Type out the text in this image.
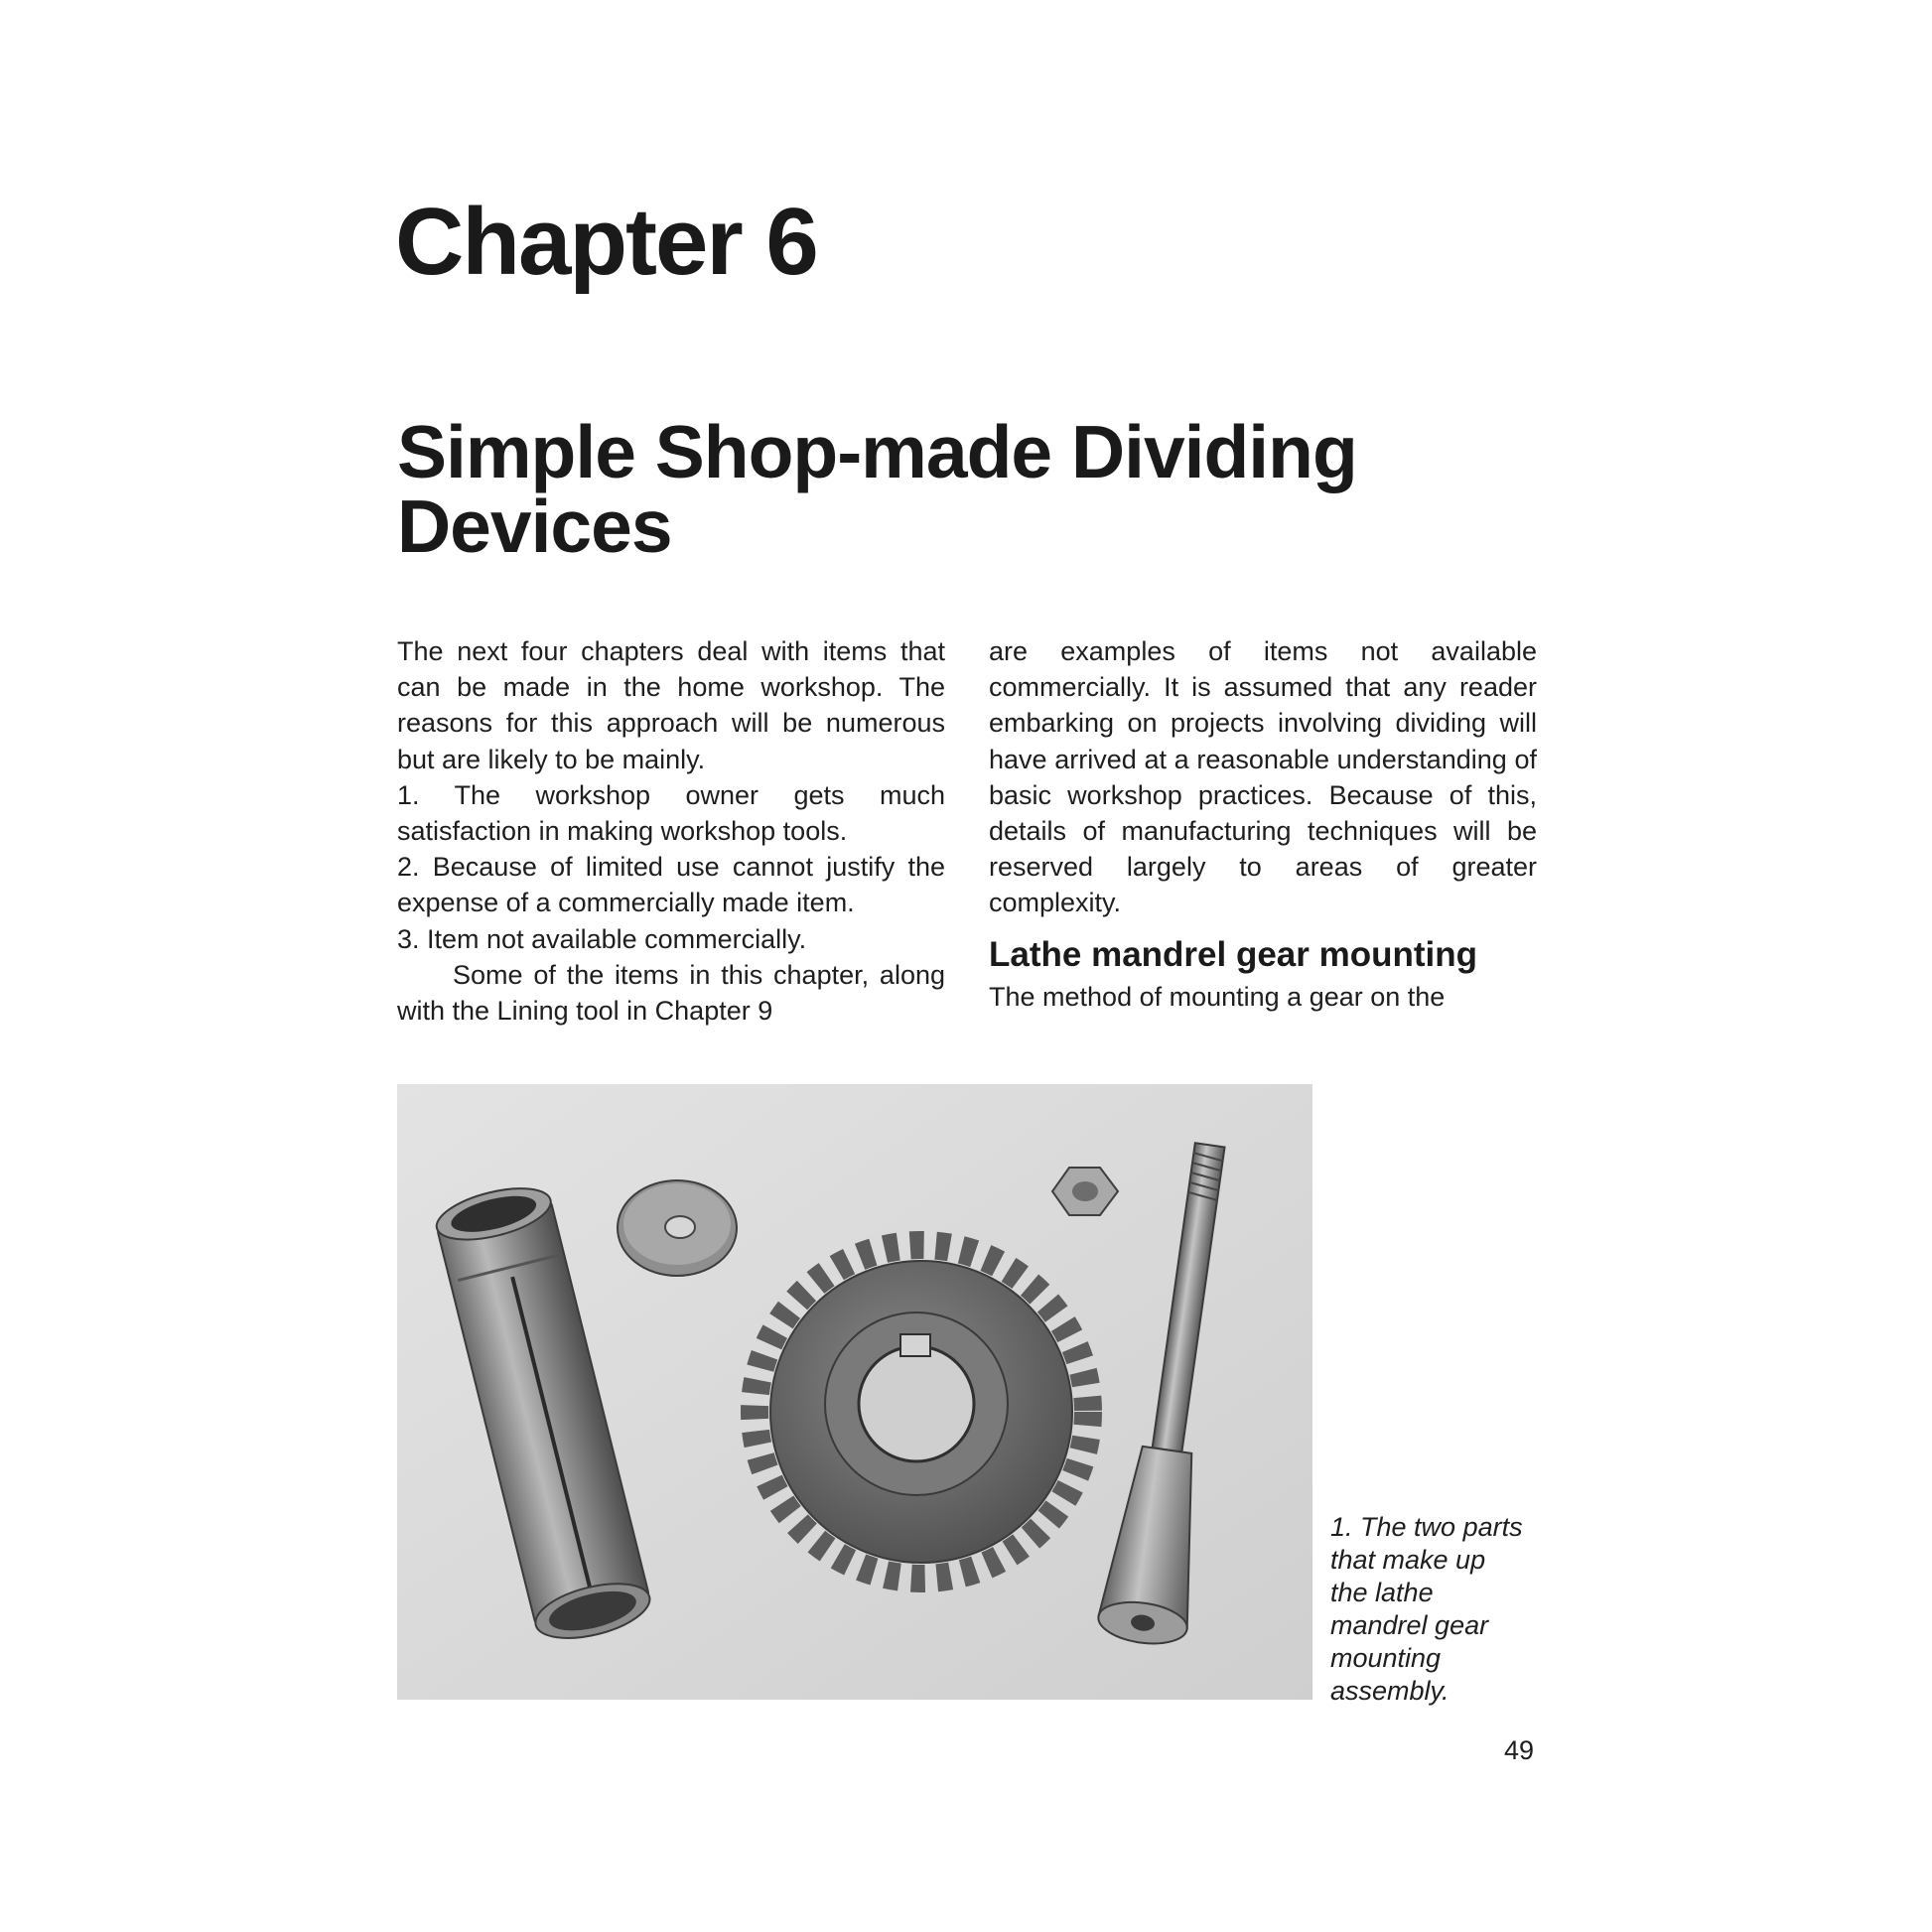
Chapter 6
Simple Shop-made Dividing Devices

The next four chapters deal with items that can be made in the home workshop. The reasons for this approach will be numerous but are likely to be mainly.

1. The workshop owner gets much satisfaction in making workshop tools.

2. Because of limited use cannot justify the expense of a commercially made item.

3. Item not available commercially.

Some of the items in this chapter, along with the Lining tool in Chapter 9

are examples of items not available commercially. It is assumed that any reader embarking on projects involving dividing will have arrived at a reasonable understanding of basic workshop practices. Because of this, details of manufacturing techniques will be reserved largely to areas of greater complexity.

Lathe mandrel gear mounting

The method of mounting a gear on the

1. The two parts that make up the lathe mandrel gear mounting assembly.
49
